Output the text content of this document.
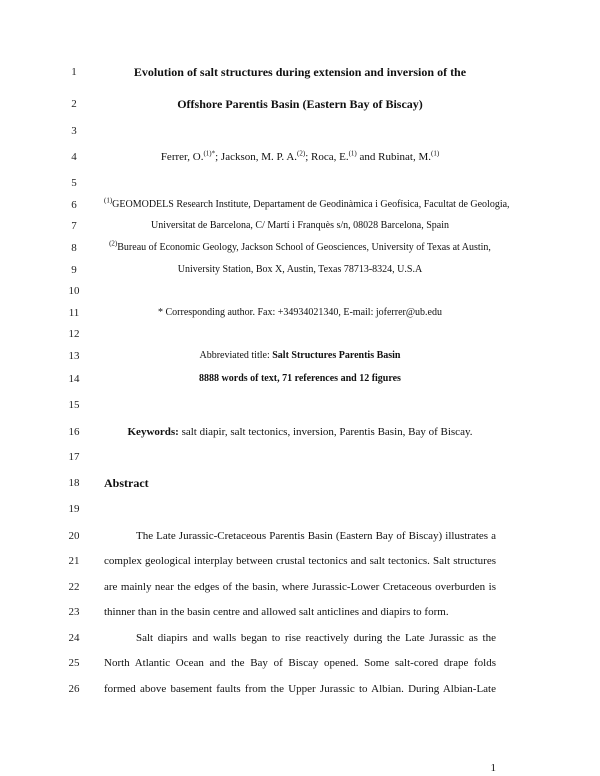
1
2
3
4
5
6
7
8
9
10
11
12
13
14
15
16
17
18
19
20
21
22
23
24
25
26
Evolution of salt structures during extension and inversion of the
Offshore Parentis Basin (Eastern Bay of Biscay)
Ferrer, O.$^{(1)*}$; Jackson, M. P. A.$^{(2)}$; Roca, E.$^{(1)}$ and Rubinat, M.$^{(1)}$
$^{(1)}$GEOMODELS Research Institute, Departament de Geodinàmica i Geofísica, Facultat de Geologia,
Universitat de Barcelona, C/ Martí i Franquès s/n, 08028 Barcelona, Spain
$^{(2)}$Bureau of Economic Geology, Jackson School of Geosciences, University of Texas at Austin,
University Station, Box X, Austin, Texas 78713-8324, U.S.A
* Corresponding author. Fax: +34934021340, E-mail: joferrer@ub.edu
Abbreviated title: Salt Structures Parentis Basin
8888 words of text, 71 references and 12 figures
Keywords: salt diapir, salt tectonics, inversion, Parentis Basin, Bay of Biscay.
Abstract
The Late Jurassic-Cretaceous Parentis Basin (Eastern Bay of Biscay) illustrates a
complex geological interplay between crustal tectonics and salt tectonics. Salt structures
are mainly near the edges of the basin, where Jurassic-Lower Cretaceous overburden is
thinner than in the basin centre and allowed salt anticlines and diapirs to form.
Salt diapirs and walls began to rise reactively during the Late Jurassic as the
North Atlantic Ocean and the Bay of Biscay opened. Some salt-cored drape folds
formed above basement faults from the Upper Jurassic to Albian. During Albian-Late
1
